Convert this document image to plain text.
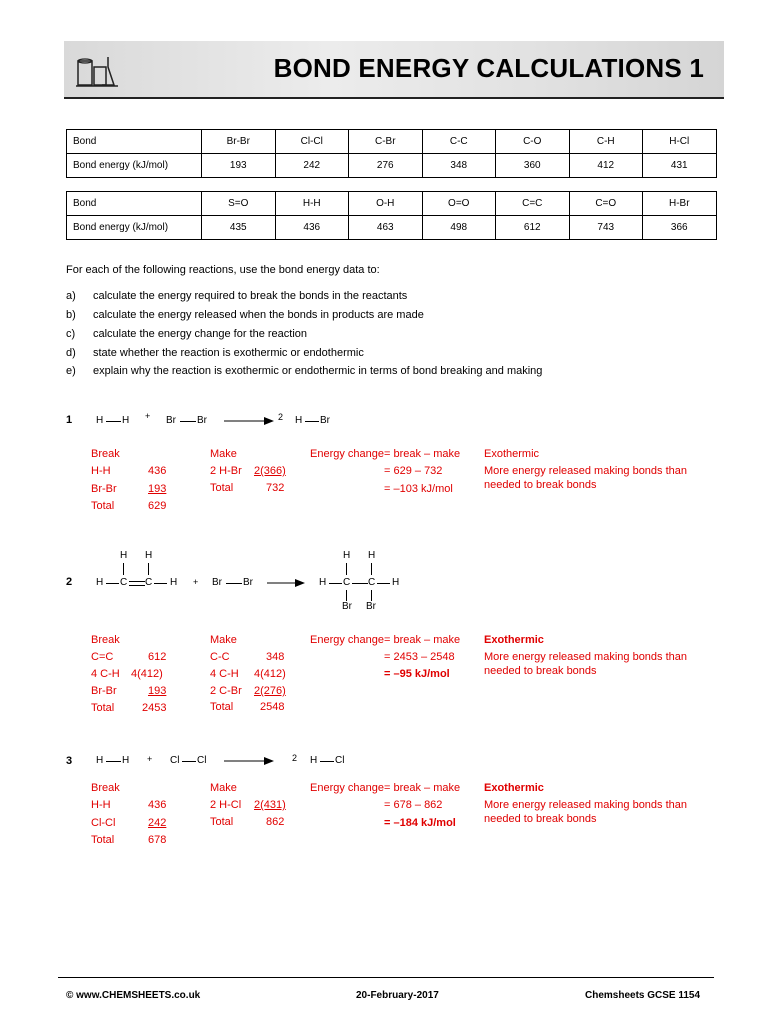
BOND ENERGY CALCULATIONS 1
Bond	Br-Br	Cl-Cl	C-Br	C-C	C-O	C-H	H-Cl
Bond energy (kJ/mol)	193	242	276	348	360	412	431
Bond	S=O	H-H	O-H	O=O	C=C	C=O	H-Br
Bond energy (kJ/mol)	435	436	463	498	612	743	366
For each of the following reactions, use the bond energy data to:
a) calculate the energy required to break the bonds in the reactants
b) calculate the energy released when the bonds in products are made
c) calculate the energy change for the reaction
d) state whether the reaction is exothermic or endothermic
e) explain why the reaction is exothermic or endothermic in terms of bond breaking and making
1 H H + Br Br → 2 H Br
Break
H-H	436
Br-Br	193
Total	629
Make
2 H-Br 2(366)
Total	732
Energy change = break – make
= 629 – 732
= –103 kJ/mol
Exothermic
More energy released making bonds than
needed to break bonds
2
H H
H C C H + Br Br →
H H
H C C H
Br Br
Break
C=C	612
4 C-H 4(412)
Br-Br	193
Total	2453
Make
C-C	348
4 C-H 4(412)
2 C-Br 2(276)
Total 2548
Energy change = break – make
= 2453 – 2548
= –95 kJ/mol
Exothermic
More energy released making bonds than
needed to break bonds
3 H H + Cl Cl → 2 H Cl
Break
H-H	436
Cl-Cl	242
Total	678
Make
2 H-Cl 2(431)
Total	862
Energy change = break – make
= 678 – 862
= –184 kJ/mol
Exothermic
More energy released making bonds than
needed to break bonds
© www.CHEMSHEETS.co.uk	20-February-2017	Chemsheets GCSE 1154
